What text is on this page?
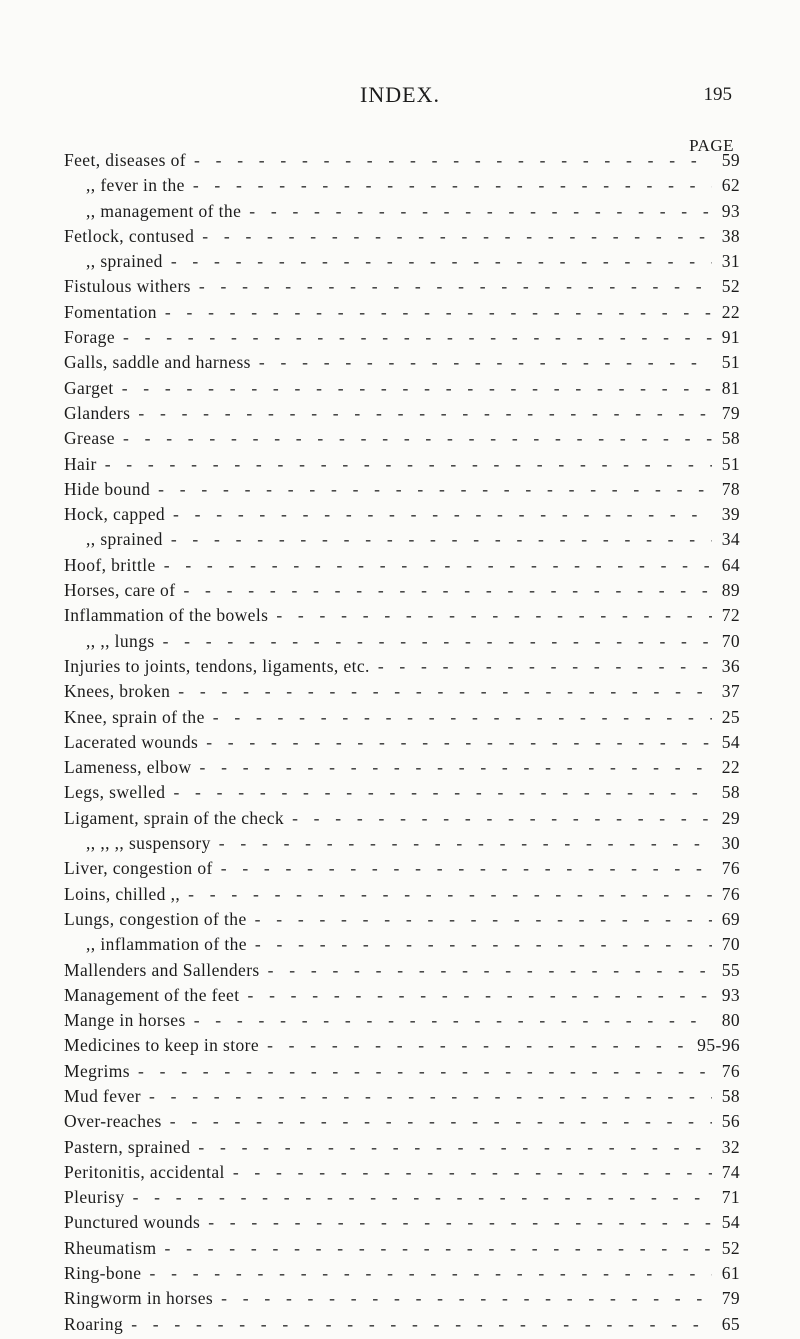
INDEX.	195
PAGE
Feet, diseases of - - -	59
,, fever in the - - -	62
,, management of the - - -	93
Fetlock, contused - - -	38
,, sprained - - -	31
Fistulous withers - - -	52
Fomentation - - -	22
Forage - - -	91
Galls, saddle and harness - - -	51
Garget - - -	81
Glanders - - -	79
Grease - - -	58
Hair - - -	51
Hide bound - - -	78
Hock, capped - - -	39
,, sprained - - -	34
Hoof, brittle - - -	64
Horses, care of - - -	89
Inflammation of the bowels - - -	72
,, ,, lungs - - -	70
Injuries to joints, tendons, ligaments, etc. - - -	36
Knees, broken - - -	37
Knee, sprain of the - - -	25
Lacerated wounds - - -	54
Lameness, elbow - - -	22
Legs, swelled - - -	58
Ligament, sprain of the check - - -	29
,, ,, ,, suspensory - - -	30
Liver, congestion of - - -	76
Loins, chilled ,, - - -	76
Lungs, congestion of the - - -	69
,, inflammation of the - - -	70
Mallenders and Sallenders - - -	55
Management of the feet - - -	93
Mange in horses - - -	80
Medicines to keep in store - - -	95-96
Megrims - - -	76
Mud fever - - -	58
Over-reaches - - -	56
Pastern, sprained - - -	32
Peritonitis, accidental - - -	74
Pleurisy - - -	71
Punctured wounds - - -	54
Rheumatism - - -	52
Ring-bone - - -	61
Ringworm in horses - - -	79
Roaring - - -	65
